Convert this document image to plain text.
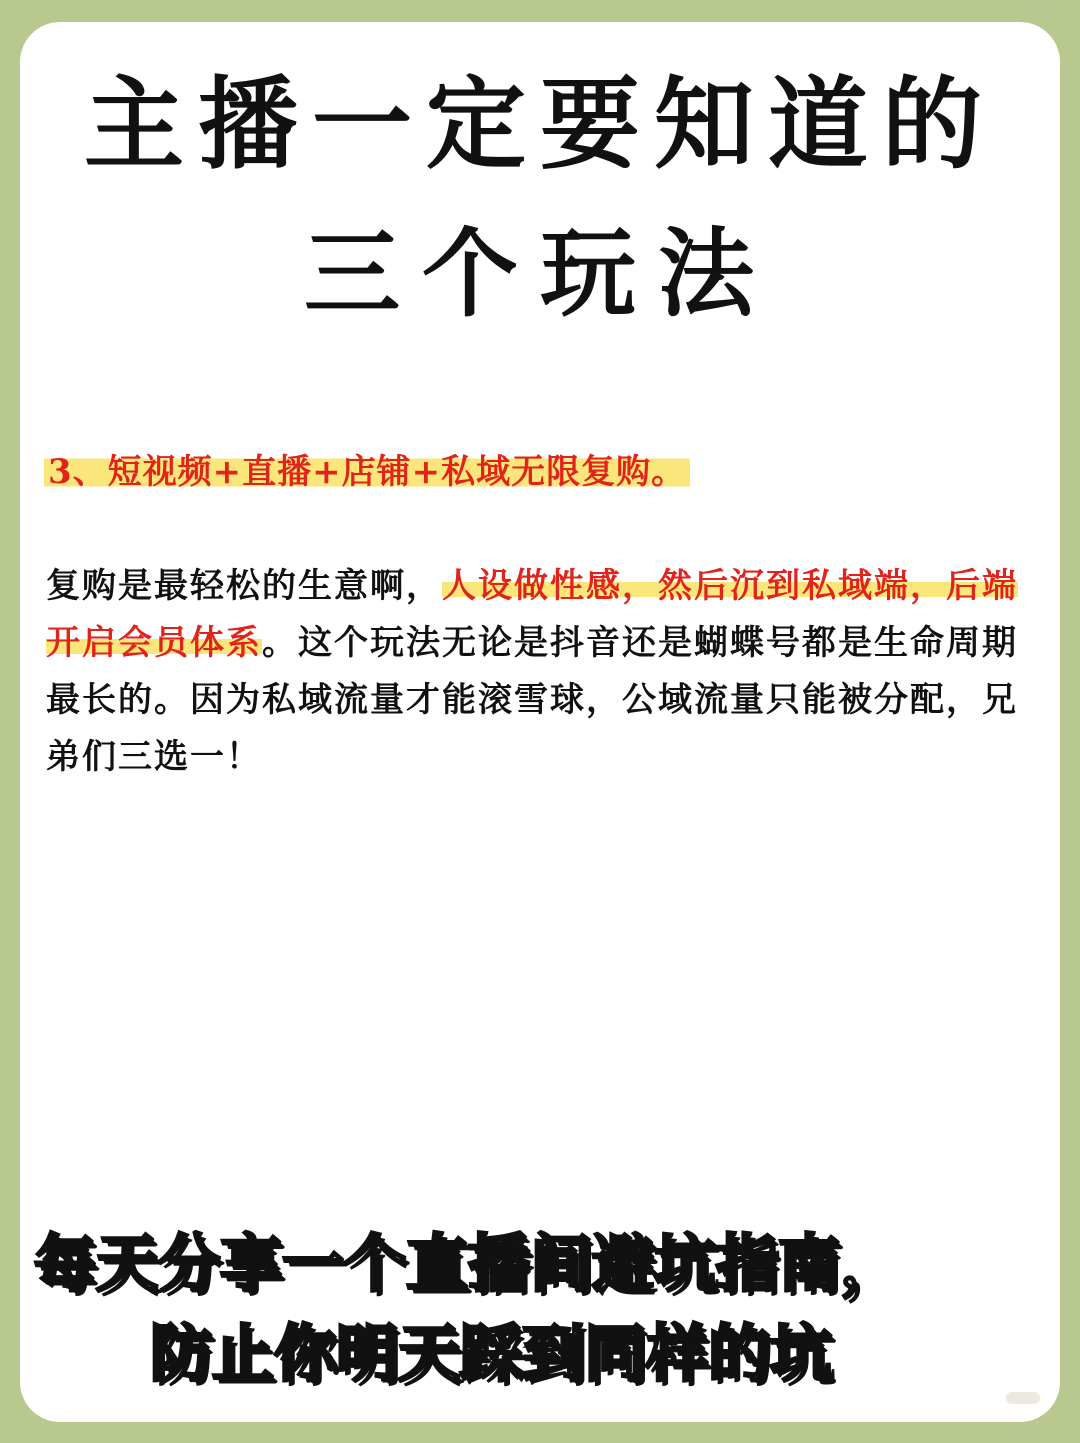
主播一定要知道的
三个玩法
3、短视频+直播+店铺+私域无限复购。

复购是最轻松的生意啊，人设做性感，然后沉到私域端，后端开启会员体系。这个玩法无论是抖音还是蝴蝶号都是生命周期最长的。因为私域流量才能滚雪球，公域流量只能被分配，兄弟们三选一！

每天分享一个直播间避坑指南，
防止你明天踩到同样的坑
